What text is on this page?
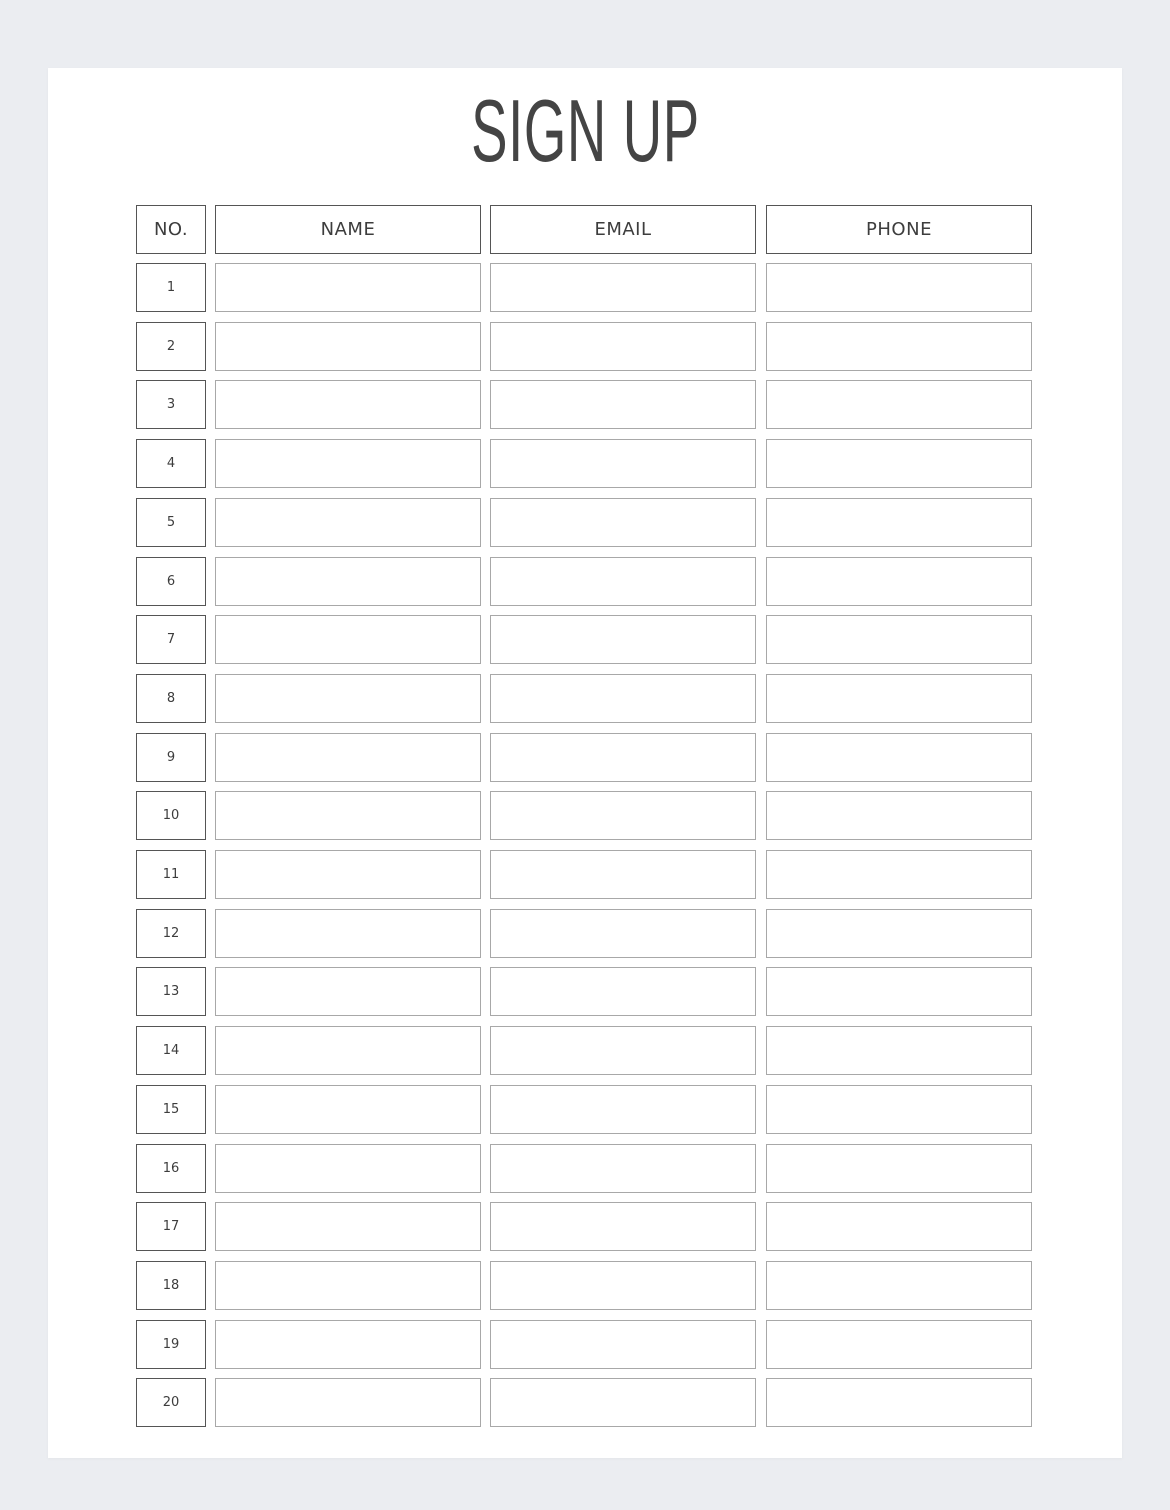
SIGN UP
NO.	NAME	EMAIL	PHONE
1
2
3
4
5
6
7
8
9
10
11
12
13
14
15
16
17
18
19
20
